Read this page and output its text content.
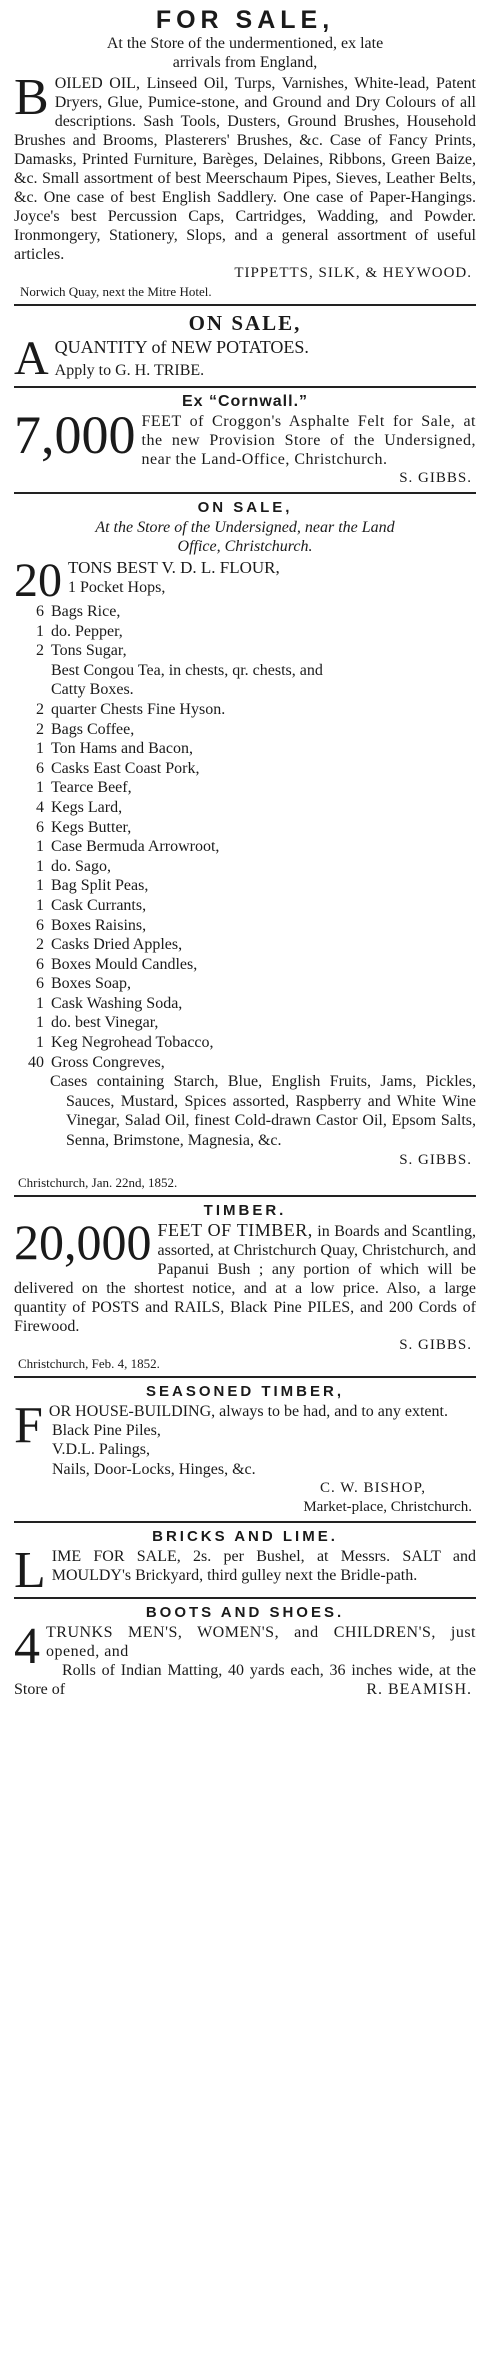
FOR SALE,
At the Store of the undermentioned, ex late
arrivals from England,

B OILED OIL, Linseed Oil, Turps, Varnishes, White-lead, Patent Dryers, Glue, Pumice-stone, and Ground and Dry Colours of all descriptions. Sash Tools, Dusters, Ground Brushes, Household Brushes and Brooms, Plasterers' Brushes, &c. Case of Fancy Prints, Damasks, Printed Furniture, Barèges, Delaines, Ribbons, Green Baize, &c. Small assortment of best Meerschaum Pipes, Sieves, Leather Belts, &c. One case of best English Saddlery. One case of Paper-Hangings. Joyce's best Percussion Caps, Cartridges, Wadding, and Powder. Ironmongery, Stationery, Slops, and a general assortment of useful articles.

TIPPETTS, SILK, & HEYWOOD.
Norwich Quay, next the Mitre Hotel.
ON SALE,

A QUANTITY of NEW POTATOES.
Apply to G. H. TRIBE.

Ex “Cornwall.”

7,000 FEET of Croggon's Asphalte Felt for Sale, at the new Provision Store of the Undersigned, near the Land-Office, Christchurch.

S. GIBBS.
ON SALE,
At the Store of the Undersigned, near the Land
Office, Christchurch.
20 TONS BEST V. D. L. FLOUR,
1 Pocket Hops,
6 Bags Rice,
1 do. Pepper,
2 Tons Sugar,
Best Congou Tea, in chests, qr. chests, and
Catty Boxes.
2 quarter Chests Fine Hyson.
2 Bags Coffee,
1 Ton Hams and Bacon,
6 Casks East Coast Pork,
1 Tearce Beef,
4 Kegs Lard,
6 Kegs Butter,
1 Case Bermuda Arrowroot,
1 do. Sago,
1 Bag Split Peas,
1 Cask Currants,
6 Boxes Raisins,
2 Casks Dried Apples,
6 Boxes Mould Candles,
6 Boxes Soap,
1 Cask Washing Soda,
1 do. best Vinegar,
1 Keg Negrohead Tobacco,
40 Gross Congreves,
Cases containing Starch, Blue, English Fruits, Jams, Pickles, Sauces, Mustard, Spices assorted, Raspberry and White Wine Vinegar, Salad Oil, finest Cold-drawn Castor Oil, Epsom Salts, Senna, Brimstone, Magnesia, &c.
S. GIBBS.
Christchurch, Jan. 22nd, 1852.
TIMBER.

20,000 FEET OF TIMBER, in Boards and Scantling, assorted, at Christchurch Quay, Christchurch, and Papanui Bush ; any portion of which will be delivered on the shortest notice, and at a low price. Also, a large quantity of POSTS and RAILS, Black Pine PILES, and 200 Cords of Firewood.

S. GIBBS.
Christchurch, Feb. 4, 1852.
SEASONED TIMBER,

F OR HOUSE-BUILDING, always to be had, and to any extent.

Black Pine Piles,
V.D.L. Palings,
Nails, Door-Locks, Hinges, &c.
C. W. BISHOP,
Market-place, Christchurch.
BRICKS AND LIME.

L IME FOR SALE, 2s. per Bushel, at Messrs. SALT and MOULDY's Brickyard, third gulley next the Bridle-path.

BOOTS AND SHOES.

4 TRUNKS MEN'S, WOMEN'S, and CHILDREN'S, just opened, and

Rolls of Indian Matting, 40 yards each, 36 inches wide, at the Store of	R. BEAMISH.
